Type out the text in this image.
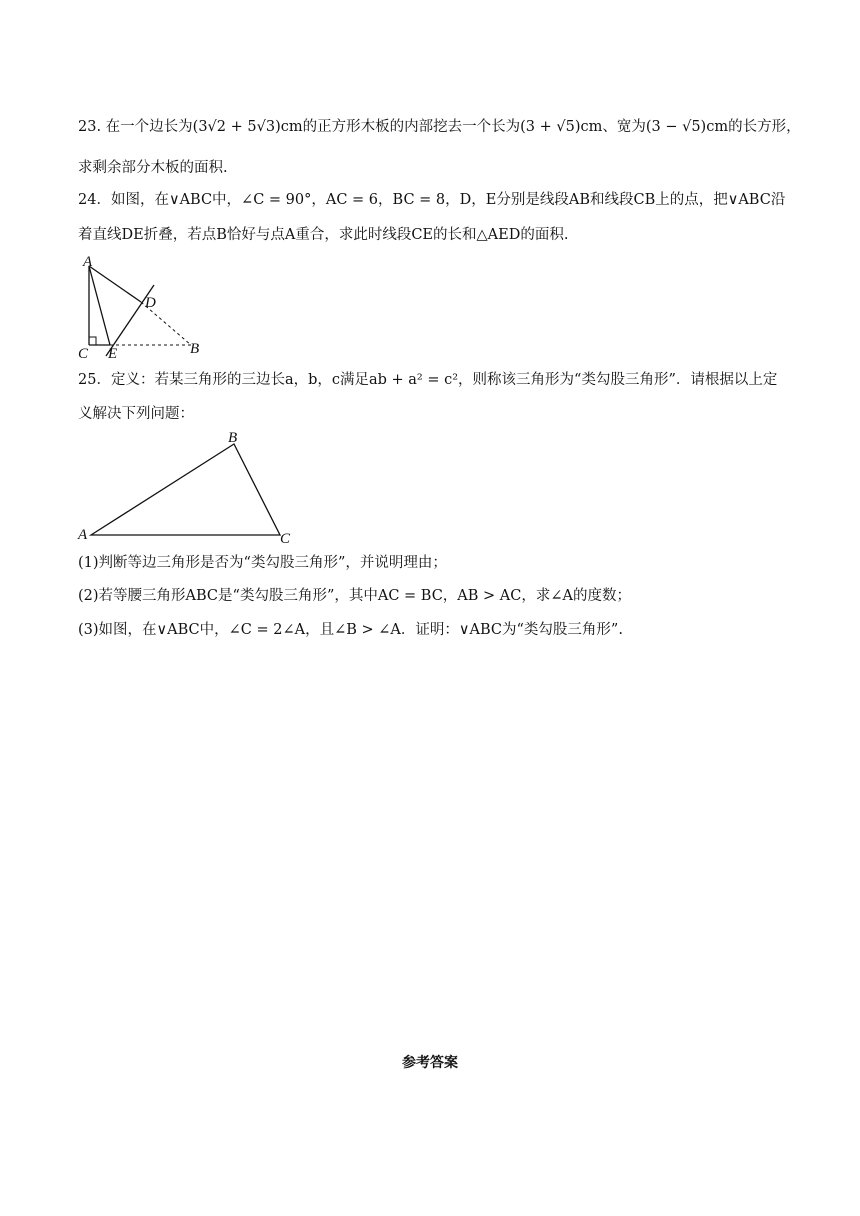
23. 在一个边长为(3√2 + 5√3)cm的正方形木板的内部挖去一个长为(3 + √5)cm、宽为(3 − √5)cm的长方形，
求剩余部分木板的面积.
24．如图，在∨ABC中，∠C = 90°，AC = 6，BC = 8，D，E分别是线段AB和线段CB上的点，把∨ABC沿
着直线DE折叠，若点B恰好与点A重合，求此时线段CE的长和△AED的面积.
A
D
C E	B
25．定义：若某三角形的三边长a，b，c满足ab + a² = c²，则称该三角形为“类勾股三角形”．请根据以上定
义解决下列问题：
B
A	C
(1)判断等边三角形是否为“类勾股三角形”，并说明理由；
(2)若等腰三角形ABC是“类勾股三角形”，其中AC = BC，AB > AC，求∠A的度数；
(3)如图，在∨ABC中，∠C = 2∠A，且∠B > ∠A．证明：∨ABC为“类勾股三角形”.
参考答案
